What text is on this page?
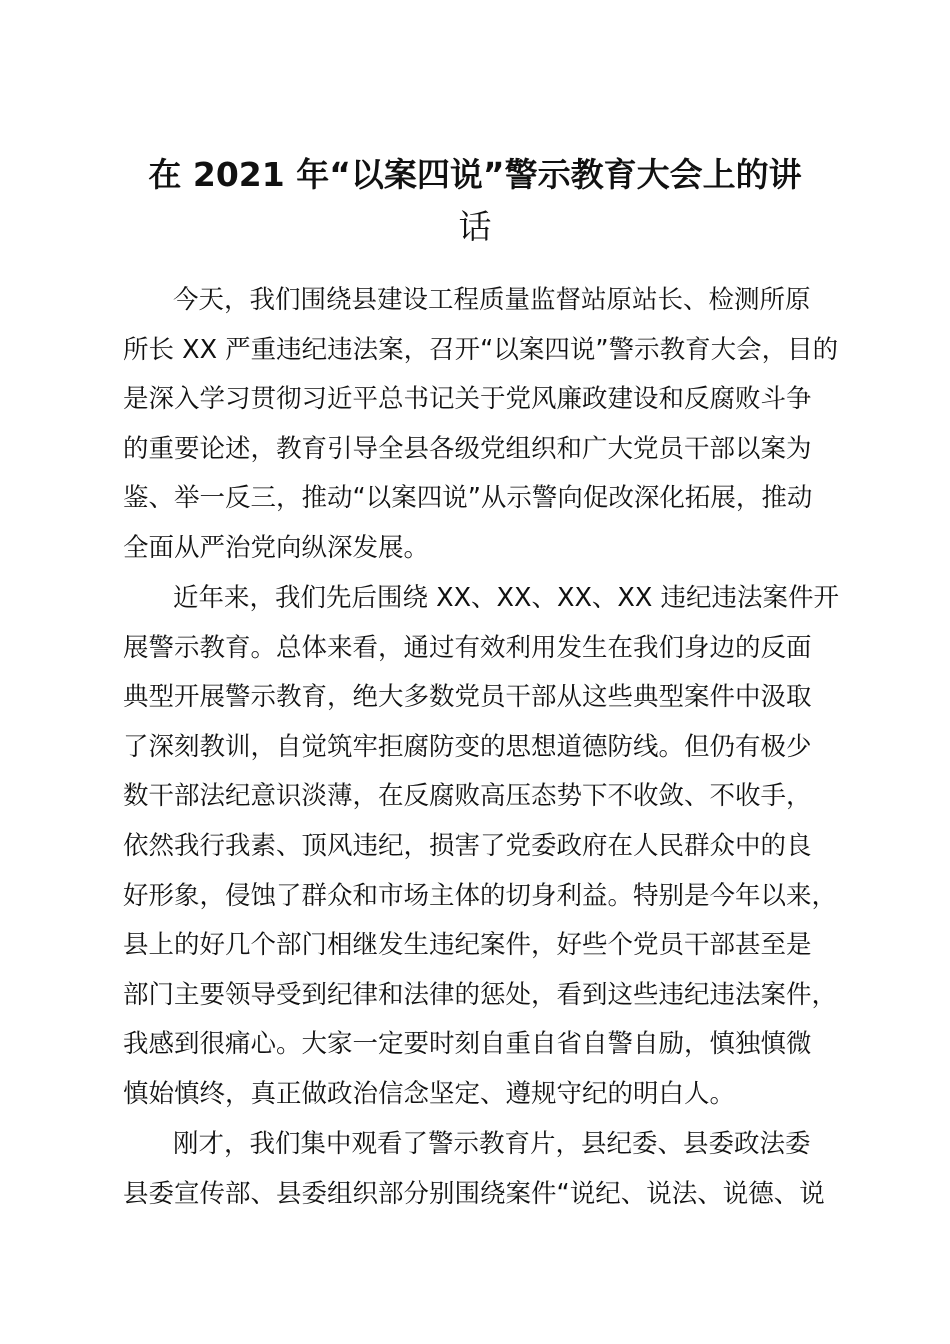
在 2021 年“以案四说”警示教育大会上的讲
话
今天，我们围绕县建设工程质量监督站原站长、检测所原
所长 XX 严重违纪违法案，召开“以案四说”警示教育大会，目的
是深入学习贯彻习近平总书记关于党风廉政建设和反腐败斗争
的重要论述，教育引导全县各级党组织和广大党员干部以案为
鉴、举一反三，推动“以案四说”从示警向促改深化拓展，推动
全面从严治党向纵深发展。
近年来，我们先后围绕 XX、XX、XX、XX 违纪违法案件开
展警示教育。总体来看，通过有效利用发生在我们身边的反面
典型开展警示教育，绝大多数党员干部从这些典型案件中汲取
了深刻教训，自觉筑牢拒腐防变的思想道德防线。但仍有极少
数干部法纪意识淡薄，在反腐败高压态势下不收敛、不收手，
依然我行我素、顶风违纪，损害了党委政府在人民群众中的良
好形象，侵蚀了群众和市场主体的切身利益。特别是今年以来，
县上的好几个部门相继发生违纪案件，好些个党员干部甚至是
部门主要领导受到纪律和法律的惩处，看到这些违纪违法案件，
我感到很痛心。大家一定要时刻自重自省自警自励，慎独慎微
慎始慎终，真正做政治信念坚定、遵规守纪的明白人。
刚才，我们集中观看了警示教育片，县纪委、县委政法委
县委宣传部、县委组织部分别围绕案件“说纪、说法、说德、说
